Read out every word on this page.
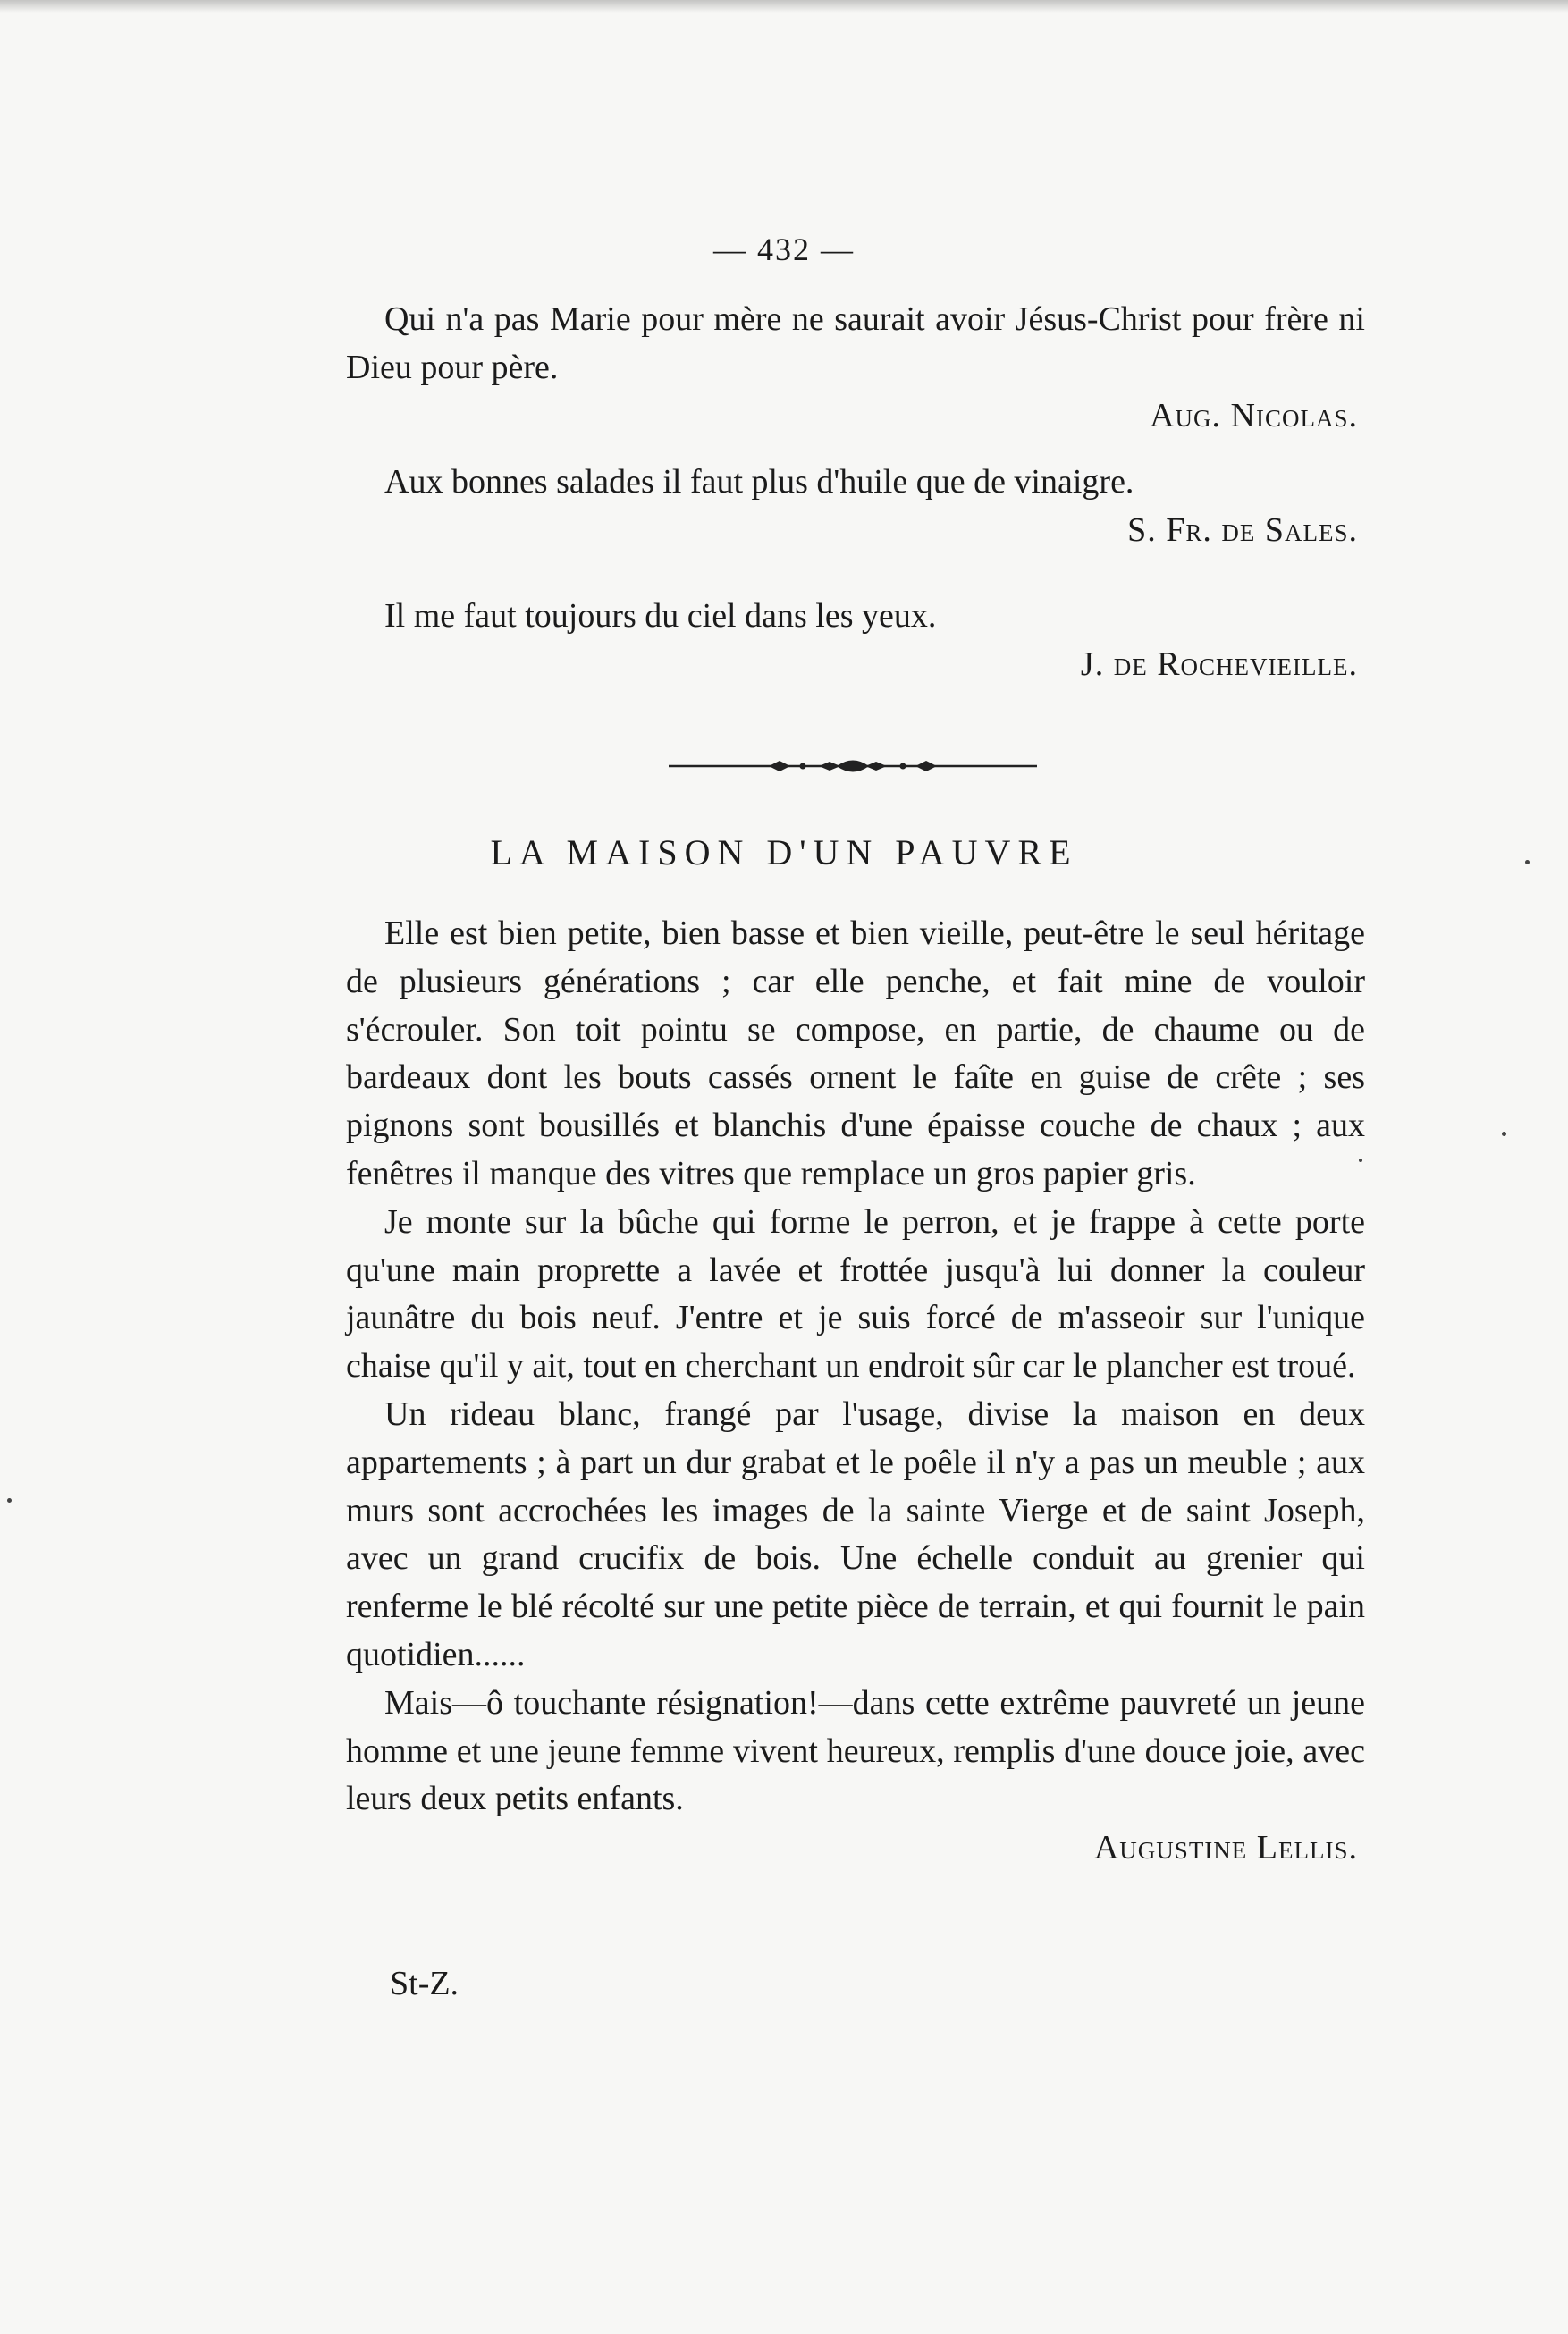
— 432 —

Qui n'a pas Marie pour mère ne saurait avoir Jésus-Christ pour frère ni Dieu pour père.

Aug. Nicolas.

Aux bonnes salades il faut plus d'huile que de vinaigre.

S. Fr. de Sales.

Il me faut toujours du ciel dans les yeux.

J. de Rochevieille.
LA MAISON D'UN PAUVRE

Elle est bien petite, bien basse et bien vieille, peut-être le seul héritage de plusieurs générations ; car elle penche, et fait mine de vouloir s'écrouler. Son toit pointu se compose, en partie, de chaume ou de bardeaux dont les bouts cassés ornent le faîte en guise de crête ; ses pignons sont bousillés et blanchis d'une épaisse couche de chaux ; aux fenêtres il manque des vitres que remplace un gros papier gris.

Je monte sur la bûche qui forme le perron, et je frappe à cette porte qu'une main proprette a lavée et frottée jusqu'à lui donner la couleur jaunâtre du bois neuf. J'entre et je suis forcé de m'asseoir sur l'unique chaise qu'il y ait, tout en cherchant un endroit sûr car le plancher est troué.

Un rideau blanc, frangé par l'usage, divise la maison en deux appartements ; à part un dur grabat et le poêle il n'y a pas un meuble ; aux murs sont accrochées les images de la sainte Vierge et de saint Joseph, avec un grand crucifix de bois. Une échelle conduit au grenier qui renferme le blé récolté sur une petite pièce de terrain, et qui fournit le pain quotidien......

Mais—ô touchante résignation!—dans cette extrême pauvreté un jeune homme et une jeune femme vivent heureux, remplis d'une douce joie, avec leurs deux petits enfants.

Augustine Lellis.
St-Z.
